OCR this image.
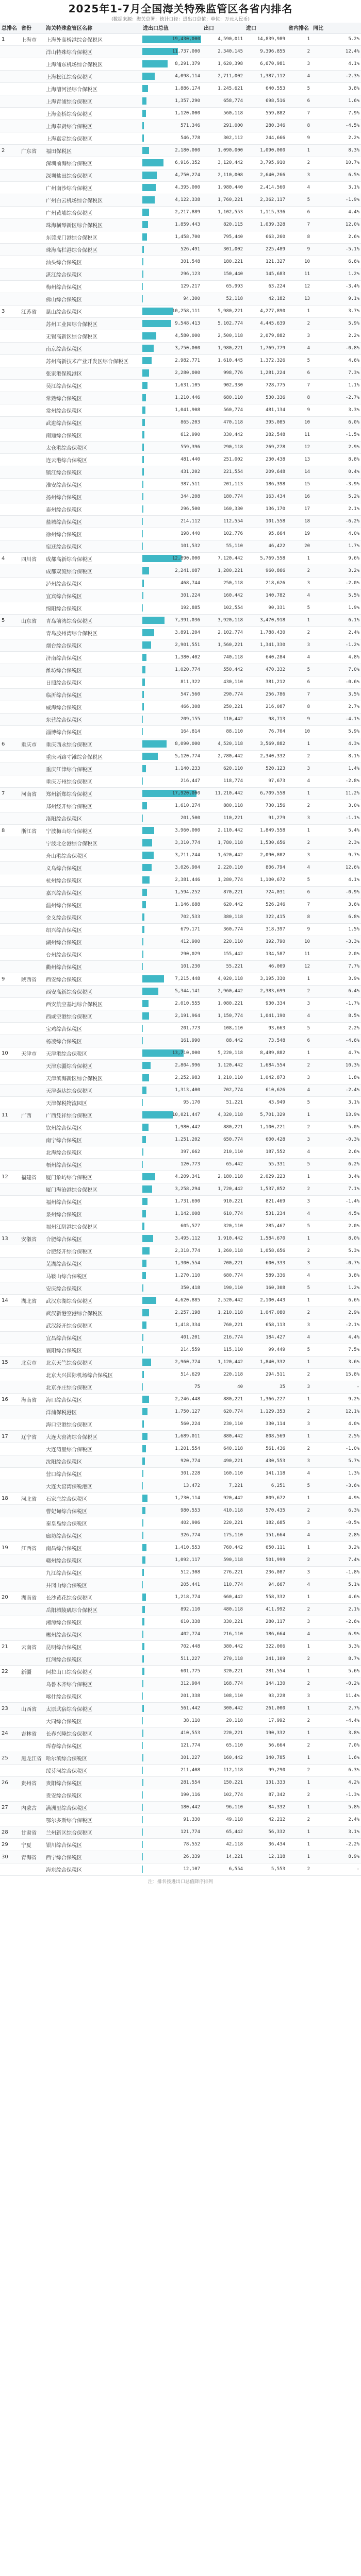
2025年1-7月全国海关特殊监管区各省内排名
(数据来源：海关总署；统计口径：进出口总值；单位：万元人民币)
总排名	省份	海关特殊监管区名称	进出口总值	出口	进口	省内排名	同比
1	上海市	上海外高桥港综合保税区	19,430,000	4,590,011	14,839,989	1	5.2%
		洋山特殊综合保税区	11,737,000	2,340,145	9,396,855	2	12.4%
		上海浦东机场综合保税区	8,291,379	1,620,398	6,670,981	3	4.1%
		上海松江综合保税区	4,098,114	2,711,002	1,387,112	4	-2.3%
		上海漕河泾综合保税区	1,886,174	1,245,621	640,553	5	3.8%
		上海青浦综合保税区	1,357,290	658,774	698,516	6	1.6%
		上海金桥综合保税区	1,120,000	560,118	559,882	7	7.9%
		上海奉贤综合保税区	571,346	291,000	280,346	8	-4.5%
		上海嘉定综合保税区	546,778	302,112	244,666	9	2.2%
2	广东省	福田保税区	2,180,000	1,090,000	1,090,000	1	8.3%
		深圳前海综合保税区	6,916,352	3,120,442	3,795,910	2	10.7%
		深圳盐田综合保税区	4,750,274	2,110,008	2,640,266	3	6.5%
		广州南沙综合保税区	4,395,000	1,980,440	2,414,560	4	3.1%
		广州白云机场综合保税区	4,122,338	1,760,221	2,362,117	5	-1.9%
		广州黄埔综合保税区	2,217,889	1,102,553	1,115,336	6	4.4%
		珠海横琴新区综合保税区	1,859,443	820,115	1,039,328	7	12.0%
		东莞虎门港综合保税区	1,458,700	795,440	663,260	8	2.6%
		珠海高栏港综合保税区	526,491	301,002	225,489	9	-5.1%
		汕头综合保税区	301,548	180,221	121,327	10	6.6%
		湛江综合保税区	296,123	150,440	145,683	11	1.2%
		梅州综合保税区	129,217	65,993	63,224	12	-3.4%
		佛山综合保税区	94,300	52,118	42,182	13	9.1%
3	江苏省	昆山综合保税区	10,258,111	5,980,221	4,277,890	1	3.7%
		苏州工业园综合保税区	9,548,413	5,102,774	4,445,639	2	5.9%
		无锡高新区综合保税区	4,580,000	2,500,118	2,079,882	3	2.2%
		南京综合保税区	3,750,000	1,980,221	1,769,779	4	-0.8%
		苏州高新技术产业开发区综合保税区	2,982,771	1,610,445	1,372,326	5	4.6%
		张家港保税港区	2,280,000	998,776	1,281,224	6	7.3%
		吴江综合保税区	1,631,105	902,330	728,775	7	1.1%
		常熟综合保税区	1,210,446	680,110	530,336	8	-2.7%
		常州综合保税区	1,041,908	560,774	481,134	9	3.3%
		武进综合保税区	865,203	470,118	395,085	10	6.0%
		南通综合保税区	612,990	330,442	282,548	11	-1.5%
		太仓港综合保税区	559,396	290,118	269,278	12	2.9%
		连云港综合保税区	481,440	251,002	230,438	13	8.8%
		镇江综合保税区	431,202	221,554	209,648	14	0.4%
		淮安综合保税区	387,511	201,113	186,398	15	-3.9%
		扬州综合保税区	344,208	180,774	163,434	16	5.2%
		泰州综合保税区	296,500	160,330	136,170	17	2.1%
		盐城综合保税区	214,112	112,554	101,558	18	-6.2%
		徐州综合保税区	198,440	102,776	95,664	19	4.0%
		宿迁综合保税区	101,532	55,110	46,422	20	1.7%
4	四川省	成都高新综合保税区	12,890,000	7,120,442	5,769,558	1	9.6%
		成都双流综合保税区	2,241,087	1,280,221	960,866	2	3.2%
		泸州综合保税区	468,744	250,118	218,626	3	-2.0%
		宜宾综合保税区	301,224	160,442	140,782	4	5.5%
		绵阳综合保税区	192,885	102,554	90,331	5	1.9%
5	山东省	青岛前湾综合保税区	7,391,036	3,920,118	3,470,918	1	6.1%
		青岛胶州湾综合保税区	3,891,204	2,102,774	1,788,430	2	2.4%
		烟台综合保税区	2,901,551	1,560,221	1,341,330	3	-1.2%
		济南综合保税区	1,380,402	740,118	640,284	4	4.8%
		潍坊综合保税区	1,020,774	550,442	470,332	5	7.0%
		日照综合保税区	811,322	430,110	381,212	6	-0.6%
		临沂综合保税区	547,560	290,774	256,786	7	3.5%
		威海综合保税区	466,308	250,221	216,087	8	2.7%
		东营综合保税区	209,155	110,442	98,713	9	-4.1%
		淄博综合保税区	164,814	88,110	76,704	10	5.9%
6	重庆市	重庆西永综合保税区	8,090,000	4,520,118	3,569,882	1	4.3%
		重庆两路寸滩综合保税区	5,120,774	2,780,442	2,340,332	2	8.1%
		重庆江津综合保税区	1,140,233	620,110	520,123	3	1.4%
		重庆万州综合保税区	216,447	118,774	97,673	4	-2.8%
7	河南省	郑州新郑综合保税区	17,920,000	11,210,442	6,709,558	1	11.2%
		郑州经开综合保税区	1,610,274	880,118	730,156	2	3.0%
		洛阳综合保税区	201,500	110,221	91,279	3	-1.1%
8	浙江省	宁波梅山综合保税区	3,960,000	2,110,442	1,849,558	1	5.4%
		宁波北仑港综合保税区	3,310,774	1,780,118	1,530,656	2	2.3%
		舟山港综合保税区	3,711,244	1,620,442	2,090,802	3	9.7%
		义乌综合保税区	3,026,904	2,220,110	806,794	4	12.6%
		杭州综合保税区	2,381,446	1,280,774	1,100,672	5	4.1%
		嘉兴综合保税区	1,594,252	870,221	724,031	6	-0.9%
		温州综合保税区	1,146,688	620,442	526,246	7	3.6%
		金义综合保税区	702,533	380,118	322,415	8	6.8%
		绍兴综合保税区	679,171	360,774	318,397	9	1.5%
		湖州综合保税区	412,900	220,110	192,790	10	-3.3%
		台州综合保税区	290,029	155,442	134,587	11	2.0%
		衢州综合保税区	101,230	55,221	46,009	12	7.7%
9	陕西省	西安综合保税区	7,215,448	4,020,118	3,195,330	1	3.9%
		西安高新综合保税区	5,344,141	2,960,442	2,383,699	2	6.4%
		西安航空基地综合保税区	2,010,555	1,080,221	930,334	3	-1.7%
		西咸空港综合保税区	2,191,964	1,150,774	1,041,190	4	8.5%
		宝鸡综合保税区	201,773	108,110	93,663	5	2.2%
		杨凌综合保税区	161,990	88,442	73,548	6	-4.6%
10	天津市	天津港综合保税区	13,710,000	5,220,118	8,489,882	1	4.7%
		天津东疆综合保税区	2,804,996	1,120,442	1,684,554	2	10.3%
		天津滨海新区综合保税区	2,252,983	1,210,110	1,042,873	3	1.8%
		天津泰达综合保税区	1,313,400	702,774	610,626	4	-2.4%
		天津保税物流园区	95,170	51,221	43,949	5	3.1%
11	广西	广西凭祥综合保税区	10,021,447	4,320,118	5,701,329	1	13.9%
		钦州综合保税区	1,980,442	880,221	1,100,221	2	5.0%
		南宁综合保税区	1,251,202	650,774	600,428	3	-0.3%
		北海综合保税区	397,662	210,110	187,552	4	2.6%
		梧州综合保税区	120,773	65,442	55,331	5	6.2%
12	福建省	厦门象屿综合保税区	4,209,341	2,180,118	2,029,223	1	3.4%
		厦门海沧港综合保税区	3,258,294	1,720,442	1,537,852	2	7.1%
		福州综合保税区	1,731,690	910,221	821,469	3	-1.4%
		泉州综合保税区	1,142,008	610,774	531,234	4	4.5%
		福州江阴港综合保税区	605,577	320,110	285,467	5	2.0%
13	安徽省	合肥综合保税区	3,495,112	1,910,442	1,584,670	1	8.0%
		合肥经开综合保税区	2,318,774	1,260,118	1,058,656	2	5.3%
		芜湖综合保税区	1,300,554	700,221	600,333	3	-0.7%
		马鞍山综合保税区	1,270,110	680,774	589,336	4	3.8%
		安庆综合保税区	350,418	190,110	160,308	5	1.2%
14	湖北省	武汉东湖综合保税区	4,620,885	2,520,442	2,100,443	1	6.6%
		武汉新港空港综合保税区	2,257,198	1,210,118	1,047,080	2	2.9%
		武汉经开综合保税区	1,418,334	760,221	658,113	3	-2.1%
		宜昌综合保税区	401,201	216,774	184,427	4	4.4%
		襄阳综合保税区	214,559	115,110	99,449	5	7.5%
15	北京市	北京天竺综合保税区	2,960,774	1,120,442	1,840,332	1	3.6%
		北京大兴国际机场综合保税区	514,629	220,118	294,511	2	15.8%
		北京亦庄综合保税区	75	40	35	3	-
16	海南省	海口综合保税区	2,246,448	880,221	1,366,227	1	9.2%
		洋浦保税港区	1,750,127	620,774	1,129,353	2	12.1%
		海口空港综合保税区	560,224	230,110	330,114	3	4.0%
17	辽宁省	大连大窑湾综合保税区	1,689,011	880,442	808,569	1	2.5%
		大连湾里综合保税区	1,201,554	640,118	561,436	2	-1.0%
		沈阳综合保税区	920,774	490,221	430,553	3	5.7%
		营口综合保税区	301,228	160,110	141,118	4	1.3%
		大连大窑湾保税港区	13,472	7,221	6,251	5	-3.6%
18	河北省	石家庄综合保税区	1,730,114	920,442	809,672	1	4.9%
		曹妃甸综合保税区	980,553	410,118	570,435	2	6.3%
		秦皇岛综合保税区	402,906	220,221	182,685	3	-0.5%
		廊坊综合保税区	326,774	175,110	151,664	4	2.8%
19	江西省	南昌综合保税区	1,410,553	760,442	650,111	1	3.2%
		赣州综合保税区	1,092,117	590,118	501,999	2	7.4%
		九江综合保税区	512,308	276,221	236,087	3	-1.8%
		井冈山综合保税区	205,441	110,774	94,667	4	5.1%
20	湖南省	长沙黄花综合保税区	1,218,774	660,442	558,332	1	4.6%
		岳阳城陵矶综合保税区	892,110	480,118	411,992	2	2.1%
		湘潭综合保税区	610,338	330,221	280,117	3	-2.6%
		郴州综合保税区	402,774	216,110	186,664	4	6.9%
21	云南省	昆明综合保税区	702,448	380,442	322,006	1	3.3%
		红河综合保税区	511,227	270,118	241,109	2	8.7%
22	新疆	阿拉山口综合保税区	601,775	320,221	281,554	1	5.6%
		乌鲁木齐综合保税区	312,904	168,774	144,130	2	-0.2%
		喀什综合保税区	201,338	108,110	93,228	3	11.4%
23	山西省	太原武宿综合保税区	561,442	300,442	261,000	1	2.7%
		大同综合保税区	38,110	20,118	17,992	2	-4.4%
24	吉林省	长春兴隆综合保税区	410,553	220,221	190,332	1	3.8%
		珲春综合保税区	121,774	65,110	56,664	2	7.0%
25	黑龙江省	哈尔滨综合保税区	301,227	160,442	140,785	1	1.6%
		绥芬河综合保税区	211,408	112,118	99,290	2	6.3%
26	贵州省	贵阳综合保税区	281,554	150,221	131,333	1	4.2%
		贵安综合保税区	190,116	102,774	87,342	2	-1.3%
27	内蒙古	满洲里综合保税区	180,442	96,110	84,332	1	5.8%
		鄂尔多斯综合保税区	91,330	49,118	42,212	2	2.4%
28	甘肃省	兰州新区综合保税区	121,774	65,442	56,332	1	3.1%
29	宁夏	银川综合保税区	78,552	42,118	36,434	1	-2.2%
30	青海省	西宁综合保税区	26,339	14,221	12,118	1	8.9%
		海东综合保税区	12,107	6,554	5,553	2	-
注：排名按进出口总值降序排列
